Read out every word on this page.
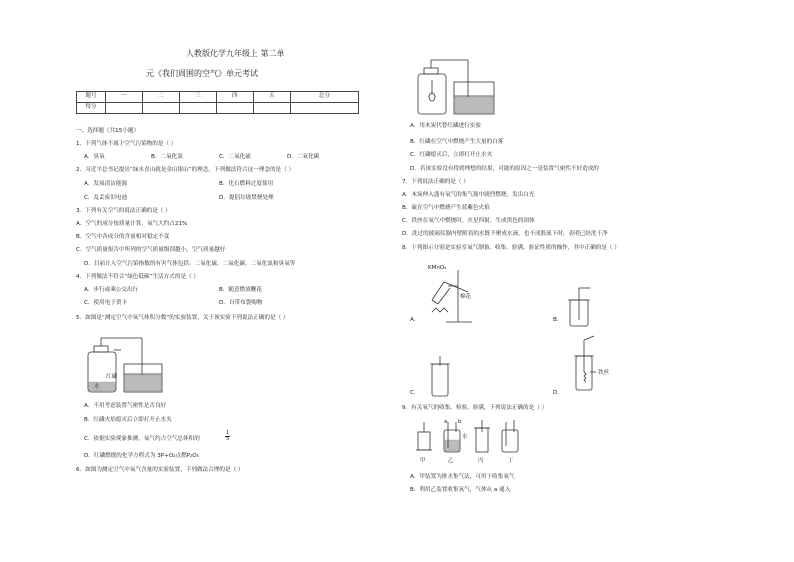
人教版化学九年级上 第二单
元《我们周围的空气》单元考试
题号	一	二	三	四	五	总分
得分						
一、选择题（共15小题）
1．下列气体不属于空气污染物的是（ ）
A．臭氧	B．二氧化氮	C．二氧化硫	D．二氧化碳
2．习近平总书记提出“绿水青山就是金山银山”的理念，下列做法符合这一理念的是（ ）
A．发展清洁能源	B．化石燃料过度使用
C．乱丢废旧电池	D．提倡垃圾焚烧处理
3．下列有关空气的说法正确的是（ ）
A．空气的成分按质量计算，氧气大约占21%
B．空气中各成分的含量相对稳定不变
C．空气质量报告中所列的空气质量级别越小，空气质量越好
D．目前计入空气污染指数的有害气体包括：二氧化硫、二氧化碳、二氧化氮和臭氧等
4．下列做法不符合“绿色低碳”生活方式的是（ ）
A．步行或乘公交出行	B．随意燃放鞭花
C．使用电子贺卡	D．自带布袋购物
5．如图是“测定空气中氧气体积分数”的实验装置，关于该实验下列说法正确的是（ ）
红磷
水
A．不用考虑装置气密性是否良好
B．红磷火焰熄灭后立即打开止水夹
C．依据实验现象推测，氧气约占空气总体积的	$\frac{1}{5}$
D．红磷燃烧的化学方程式为 3P+O₂点燃P₂O₅
6．如图为测定空气中氧气含量的实验装置，下列做法合理的是（ ）
A．用木炭代替红磷进行实验
B．红磷在空气中燃烧产生大量的白雾
C．红磷熄灭后，立即打开止水夹
D．若该实验没有得到理想的结果，可能的原因之一是装置气密性不好造成的
7．下列说法正确的是（ ）
A．木炭伸入盛有氧气的集气瓶中剧烈燃烧，发出白光
B．硫在空气中燃烧产生蓝紫色火焰
C．铁丝在氧气中燃烧时，火星四射，生成黑色的固体
D．洗过的玻璃仪器内壁附着的水既不聚成水滴，也不成股流下时，表明已经洗干净
8．下列图示分别是实验室氧气制备、收集、验满、验证性质的操作，其中正确的是（ ）
KMnO₄
棉花
A．	B．
C．
铁丝
D．
9．有关氧气的收集、检验、验满，下列说法正确的是（ ）
水
a b
甲	乙	丙	丁
A．甲装置为排水集气法，可用于收集氧气
B．利用乙装置收集氧气，气体从 a 通入
